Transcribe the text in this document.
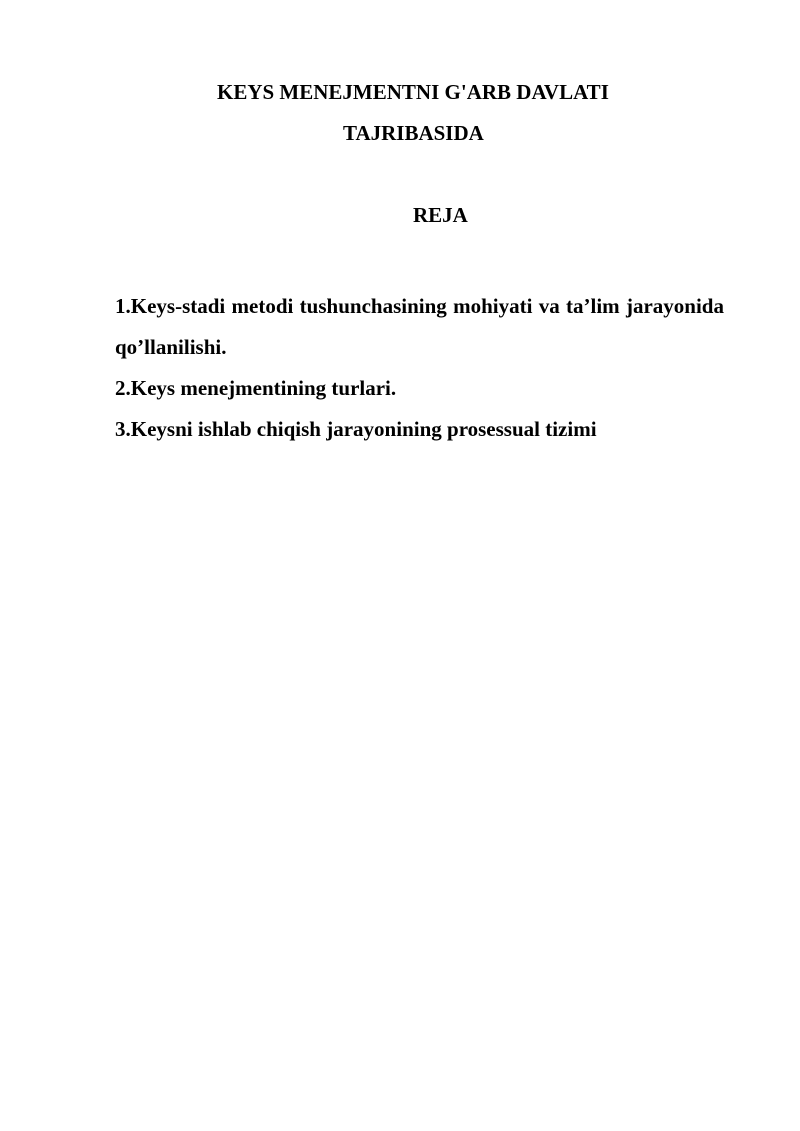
KEYS MENEJMENTNI G'ARB DAVLATI
TAJRIBASIDA
REJA

1.Keys-stadi metodi tushunchasining mohiyati va ta’lim jarayonida qo’llanilishi.

2.Keys menejmentining turlari.

3.Keysni ishlab chiqish jarayonining prosessual tizimi
